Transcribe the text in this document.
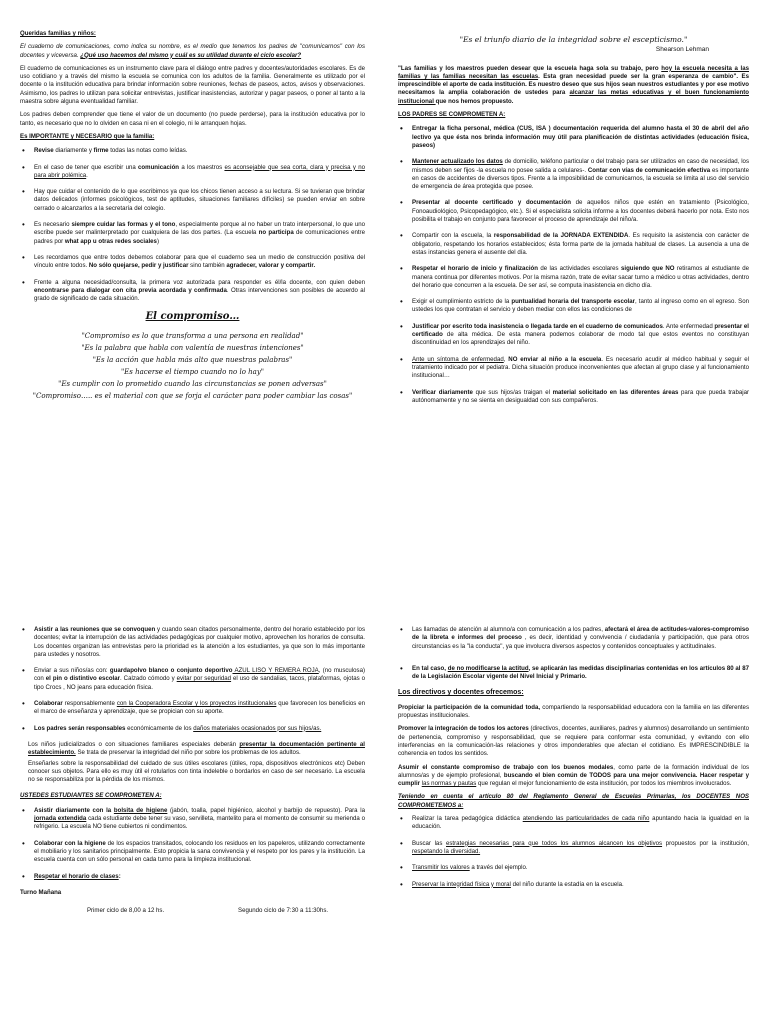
Queridas familias y niños:

El cuaderno de comunicaciones, como indica su nombre, es el medio que tenemos los padres de "comunicarnos" con los docentes y viceversa. ¿Qué uso hacemos del mismo y cuál es su utilidad durante el ciclo escolar?

El cuaderno de comunicaciones es un instrumento clave para el diálogo entre padres y docentes/autoridades escolares. Es de uso cotidiano y a través del mismo la escuela se comunica con los adultos de la familia. Generalmente es utilizado por el docente o la institución educativa para brindar información sobre reuniones, fechas de paseos, actos, avisos y observaciones. Asimismo, los padres lo utilizan para solicitar entrevistas, justificar inasistencias, autorizar y pagar paseos, o poner al tanto a la maestra sobre alguna eventualidad familiar.

Los padres deben comprender que tiene el valor de un documento (no puede perderse), para la institución educativa por lo tanto, es necesario que no lo olviden en casa ni en el colegio, ni le arranquen hojas.

Es IMPORTANTE y NECESARIO que la familia:

• Revise diariamente y firme todas las notas como leídas.
• En el caso de tener que escribir una comunicación a los maestros es aconsejable que sea corta, clara y precisa y no para abrir polémica.
• Hay que cuidar el contenido de lo que escribimos ya que los chicos tienen acceso a su lectura. Si se tuvieran que brindar datos delicados (informes psicológicos, test de aptitudes, situaciones familiares difíciles) se pueden enviar en sobre cerrado o alcanzarlos a la secretaría del colegio.
• Es necesario siempre cuidar las formas y el tono, especialmente porque al no haber un trato interpersonal, lo que uno escribe puede ser malinterpretado por cualquiera de las dos partes. (La escuela no participa de comunicaciones entre padres por what app u otras redes sociales)
• Les recordamos que entre todos debemos colaborar para que el cuaderno sea un medio de construcción positiva del vínculo entre todos. No sólo quejarse, pedir y justificar sino también agradecer, valorar y compartir.
• Frente a alguna necesidad/consulta, la primera voz autorizada para responder es él/la docente, con quien deben encontrarse para dialogar con cita previa acordada y confirmada. Otras intervenciones son posibles de acuerdo al grado de significado de cada situación.

El compromiso…

"Compromiso es lo que transforma a una persona en realidad"

"Es la palabra que habla con valentía de nuestras intenciones"

"Es la acción que habla más alto que nuestras palabras"

"Es hacerse el tiempo cuando no lo hay"

"Es cumplir con lo prometido cuando las circunstancias se ponen adversas"

"Compromiso….. es el material con que se forja el carácter para poder cambiar las cosas"

"Es el triunfo diario de la integridad sobre el escepticismo."

Shearson Lehman

"Las familias y los maestros pueden desear que la escuela haga sola su trabajo, pero hoy la escuela necesita a las familias y las familias necesitan las escuelas. Esta gran necesidad puede ser la gran esperanza de cambio". Es imprescindible el aporte de cada institución. Es nuestro deseo que sus hijos sean nuestros estudiantes y por ese motivo necesitamos la amplia colaboración de ustedes para alcanzar las metas educativas y el buen funcionamiento institucional que nos hemos propuesto.

LOS PADRES SE COMPROMETEN A:

• Entregar la ficha personal, médica (CUS, ISA ) documentación requerida del alumno hasta el 30 de abril del año lectivo ya que ésta nos brinda información muy útil para planificación de distintas actividades (educación física, paseos)
• Mantener actualizado los datos de domicilio, teléfono particular o del trabajo para ser utilizados en caso de necesidad, los mismos deben ser fijos -la escuela no posee salida a celulares-. Contar con vías de comunicación efectiva es importante en casos de accidentes de diversos tipos. Frente a la imposibilidad de comunicarnos, la escuela se limita al uso del servicio de emergencia de área protegida que posee.
• Presentar al docente certificado y documentación de aquellos niños que estén en tratamiento (Psicológico, Fonoaudiológico, Psicopedagógico, etc.). Si el especialista solicita informe a los docentes deberá hacerlo por nota. Esto nos posibilita el trabajo en conjunto para favorecer el proceso de aprendizaje del niño/a.
• Compartir con la escuela, la responsabilidad de la JORNADA EXTENDIDA. Es requisito la asistencia con carácter de obligatorio, respetando los horarios establecidos; ésta forma parte de la jornada habitual de clases. La ausencia a una de estas instancias genera el ausente del día.
• Respetar el horario de inicio y finalización de las actividades escolares siguiendo que NO retiramos al estudiante de manera continua por diferentes motivos. Por la misma razón, trate de evitar sacar turno a médico u otras actividades, dentro del horario que concurren a la escuela. De ser así, se computa inasistencia en dicho día.
• Exigir el cumplimiento estricto de la puntualidad horaria del transporte escolar, tanto al ingreso como en el egreso. Son ustedes los que contratan el servicio y deben mediar con ellos las condiciones de
• Justificar por escrito toda inasistencia o llegada tarde en el cuaderno de comunicados. Ante enfermedad presentar el certificado de alta médica. De esta manera podemos colaborar de modo tal que estos eventos no constituyan discontinuidad en los aprendizajes del niño.
• Ante un síntoma de enfermedad, NO enviar al niño a la escuela. Es necesario acudir al médico habitual y seguir el tratamiento indicado por el pediatra. Dicha situación produce inconvenientes que afectan al grupo clase y al funcionamiento institucional…
• Verificar diariamente que sus hijos/as traigan el material solicitado en las diferentes áreas para que pueda trabajar autónomamente y no se sienta en desigualdad con sus compañeros.
• Asistir a las reuniones que se convoquen y cuando sean citados personalmente, dentro del horario establecido por los docentes; evitar la interrupción de las actividades pedagógicas por cualquier motivo, aprovechen los horarios de consulta. Los docentes organizan las entrevistas pero la prioridad es la atención a los estudiantes, ya que son lo más importante para ustedes y nosotros.
• Enviar a sus niños/as con: guardapolvo blanco o conjunto deportivo AZUL LISO Y REMERA ROJA, (no musculosa) con el pin o distintivo escolar. Calzado cómodo y evitar por seguridad el uso de sandalias, tacos, plataformas, ojotas o tipo Crocs , NO jeans para educación física.
• Colaborar responsablemente con la Cooperadora Escolar y los proyectos institucionales que favorecen los beneficios en el marco de enseñanza y aprendizaje, que se propician con su aporte.
• Los padres serán responsables económicamente de los daños materiales ocasionados por sus hijos/as.
• Los niños judicializados o con situaciones familiares especiales deberán presentar la documentación pertinente al establecimiento. Se trata de preservar la integridad del niño por sobre los problemas de los adultos.
• Enseñarles sobre la responsabilidad del cuidado de sus útiles escolares (útiles, ropa, dispositivos electrónicos etc) Deben conocer sus objetos. Para ello es muy útil el rotularlos con tinta indeleble o bordarlos en caso de ser necesario. La escuela no se responsabiliza por la pérdida de los mismos.

USTEDES ESTUDIANTES SE COMPROMETEN A:

• Asistir diariamente con la bolsita de higiene (jabón, toalla, papel higiénico, alcohol y barbijo de repuesto). Para la jornada extendida cada estudiante debe tener su vaso, servilleta, mantelito para el momento de consumir su merienda o refrigerio. La escuela NO tiene cubiertos ni condimentos.
• Colaborar con la higiene de los espacios transitados, colocando los residuos en los papeleros, utilizando correctamente el mobiliario y los sanitarios principalmente. Esto propicia la sana convivencia y el respeto por los pares y la institución. La escuela cuenta con un sólo personal en cada turno para la limpieza institucional.
• Respetar el horario de clases:

Turno Mañana

Primer ciclo de 8,00 a 12 hs.	Segundo ciclo de 7:30 a 11:30hs.
• Las llamadas de atención al alumno/a con comunicación a los padres, afectará el área de actitudes-valores-compromiso de la libreta e informes del proceso , es decir, identidad y convivencia / ciudadanía y participación, que para otros circunstancias es la "la conducta", ya que involucra diversos aspectos y contenidos conceptuales y actitudinales.
• En tal caso, de no modificarse la actitud, se aplicarán las medidas disciplinarias contenidas en los artículos 80 al 87 de la Legislación Escolar vigente del Nivel Inicial y Primario.

Los directivos y docentes ofrecemos:

Propiciar la participación de la comunidad toda, compartiendo la responsabilidad educadora con la familia en las diferentes propuestas institucionales.

Promover la integración de todos los actores (directivos, docentes, auxiliares, padres y alumnos) desarrollando un sentimiento de pertenencia, compromiso y responsabilidad, que se requiere para conformar esta comunidad, y evitando con ello interferencias en la comunicación-las relaciones y otros imponderables que afectan el cotidiano. Es IMPRESCINDIBLE la coherencia en todos los sentidos.

Asumir el constante compromiso de trabajo con los buenos modales, como parte de la formación individual de los alumnos/as y de ejemplo profesional, buscando el bien común de TODOS para una mejor convivencia. Hacer respetar y cumplir las normas y pautas que regulan el mejor funcionamiento de esta institución, por todos los miembros involucrados.

Teniendo en cuenta el artículo 80 del Reglamento General de Escuelas Primarias, los DOCENTES NOS COMPROMETEMOS a:

• Realizar la tarea pedagógica didáctica atendiendo las particularidades de cada niño apuntando hacia la igualdad en la educación.
• Buscar las estrategias necesarias para que todos los alumnos alcancen los objetivos propuestos por la institución, respetando la diversidad.
• Transmitir los valores a través del ejemplo.
• Preservar la integridad física y moral del niño durante la estadía en la escuela.
